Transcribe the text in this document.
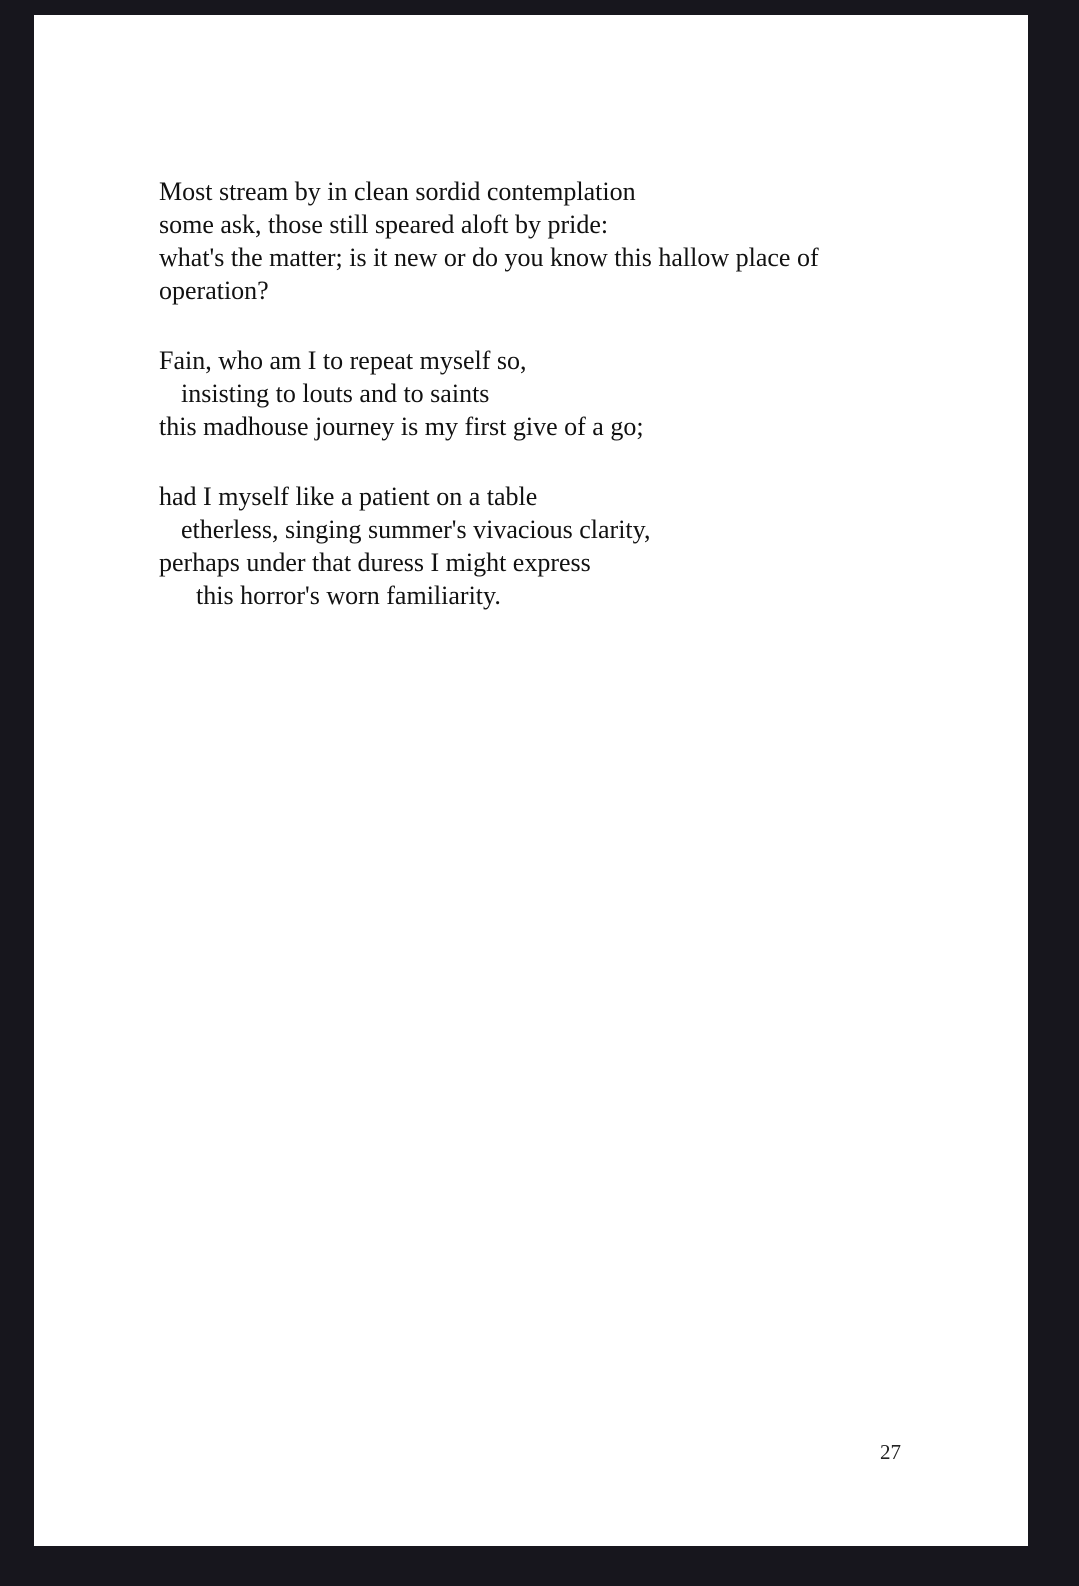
Most stream by in clean sordid contemplation
some ask, those still speared aloft by pride:
what's the matter; is it new or do you know this hallow place of operation?
Fain, who am I to repeat myself so,
insisting to louts and to saints
this madhouse journey is my first give of a go;
had I myself like a patient on a table
etherless, singing summer's vivacious clarity,
perhaps under that duress I might express
this horror's worn familiarity.
27
